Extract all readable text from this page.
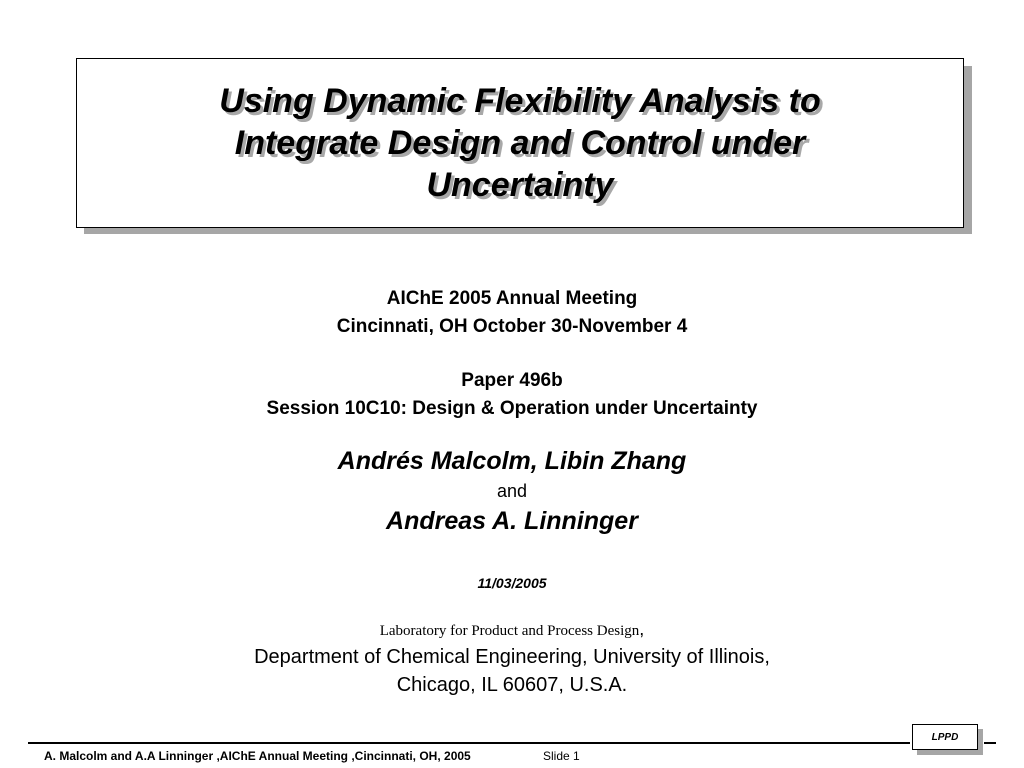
Using Dynamic Flexibility Analysis to
Integrate Design and Control under
Uncertainty
AIChE 2005 Annual Meeting
Cincinnati, OH October 30-November 4
Paper 496b
Session 10C10: Design & Operation under Uncertainty
Andrés Malcolm, Libin Zhang
and
Andreas A. Linninger
11/03/2005
Laboratory for Product and Process Design,
Department of Chemical Engineering, University of Illinois,
Chicago, IL 60607, U.S.A.
LPPD
A. Malcolm and A.A Linninger ,AIChE Annual Meeting ,Cincinnati, OH, 2005	Slide 1
